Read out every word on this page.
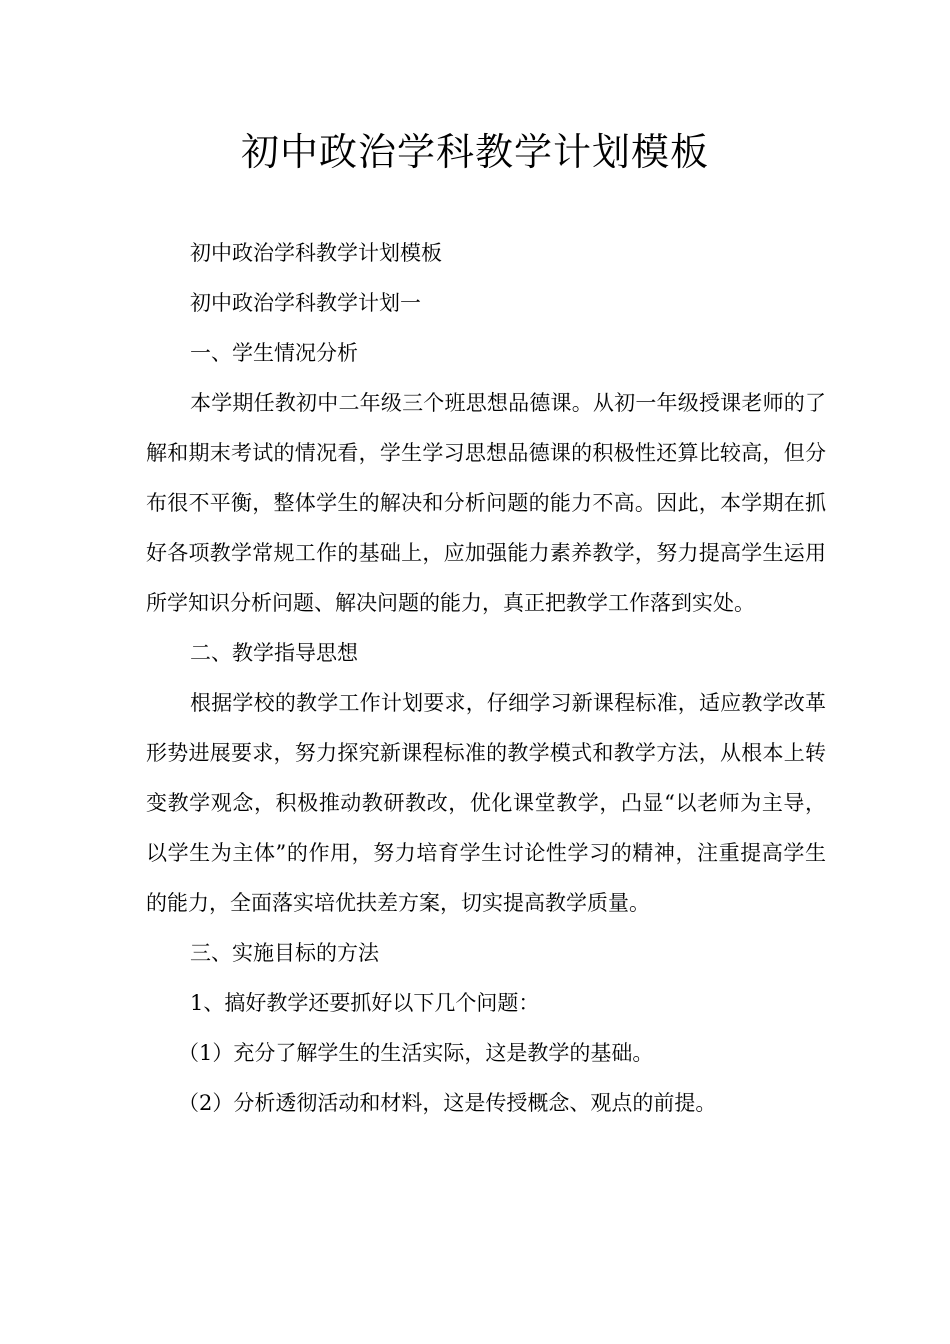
初中政治学科教学计划模板

初中政治学科教学计划模板

初中政治学科教学计划一

一、学生情况分析

本学期任教初中二年级三个班思想品德课。从初一年级授课老师的了解和期末考试的情况看，学生学习思想品德课的积极性还算比较高，但分布很不平衡，整体学生的解决和分析问题的能力不高。因此，本学期在抓好各项教学常规工作的基础上，应加强能力素养教学，努力提高学生运用所学知识分析问题、解决问题的能力，真正把教学工作落到实处。

二、教学指导思想

根据学校的教学工作计划要求，仔细学习新课程标准，适应教学改革形势进展要求，努力探究新课程标准的教学模式和教学方法，从根本上转变教学观念，积极推动教研教改，优化课堂教学，凸显“以老师为主导，以学生为主体”的作用，努力培育学生讨论性学习的精神，注重提高学生的能力，全面落实培优扶差方案，切实提高教学质量。

三、实施目标的方法

1、搞好教学还要抓好以下几个问题：

（1）充分了解学生的生活实际，这是教学的基础。

（2）分析透彻活动和材料，这是传授概念、观点的前提。
